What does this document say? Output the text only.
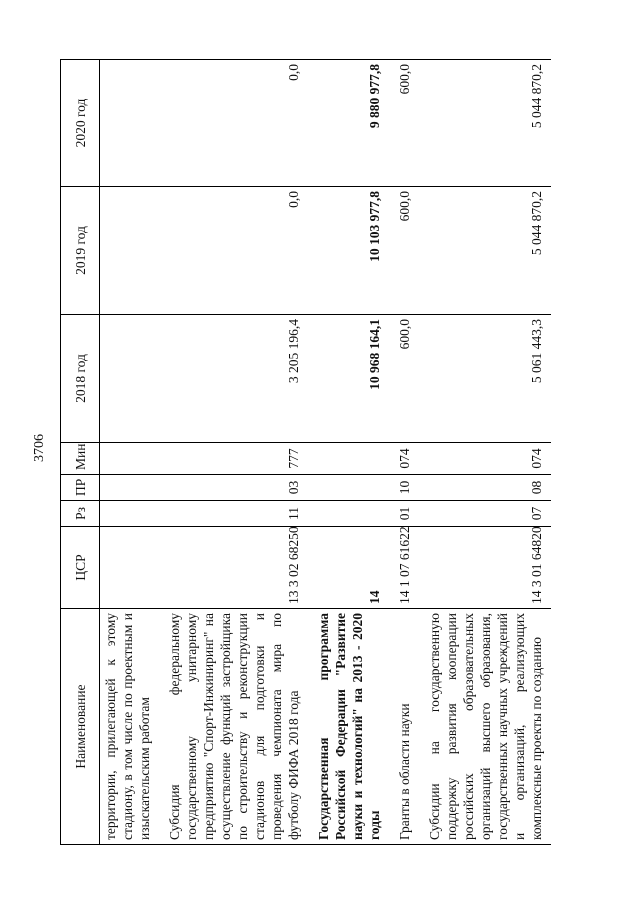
3706
Наименование	ЦСР	Рз	ПР	Мин	2018 год	2019 год	2020 год
территории, прилегающей к этому стадиону, в том числе по проектным и изыскательским работам							
Субсидия федеральному государственному унитарному предприятию "Спорт-Инжиниринг" на осуществление функций застройщика по строительству и реконструкции стадионов для подготовки и проведения чемпионата мира по футболу ФИФА 2018 года	13 3 02 68250	11	03	777	3 205 196,4	0,0	0,0
Государственная программа Российской Федерации "Развитие науки и технологий" на 2013 - 2020 годы	14				10 968 164,1	10 103 977,8	9 880 977,8
Гранты в области науки	14 1 07 61622	01	10	074	600,0	600,0	600,0
Субсидии на государственную поддержку развития кооперации российских образовательных организаций высшего образования, государственных научных учреждений и организаций, реализующих комплексные проекты по созданию	14 3 01 64820	07	08	074	5 061 443,3	5 044 870,2	5 044 870,2
